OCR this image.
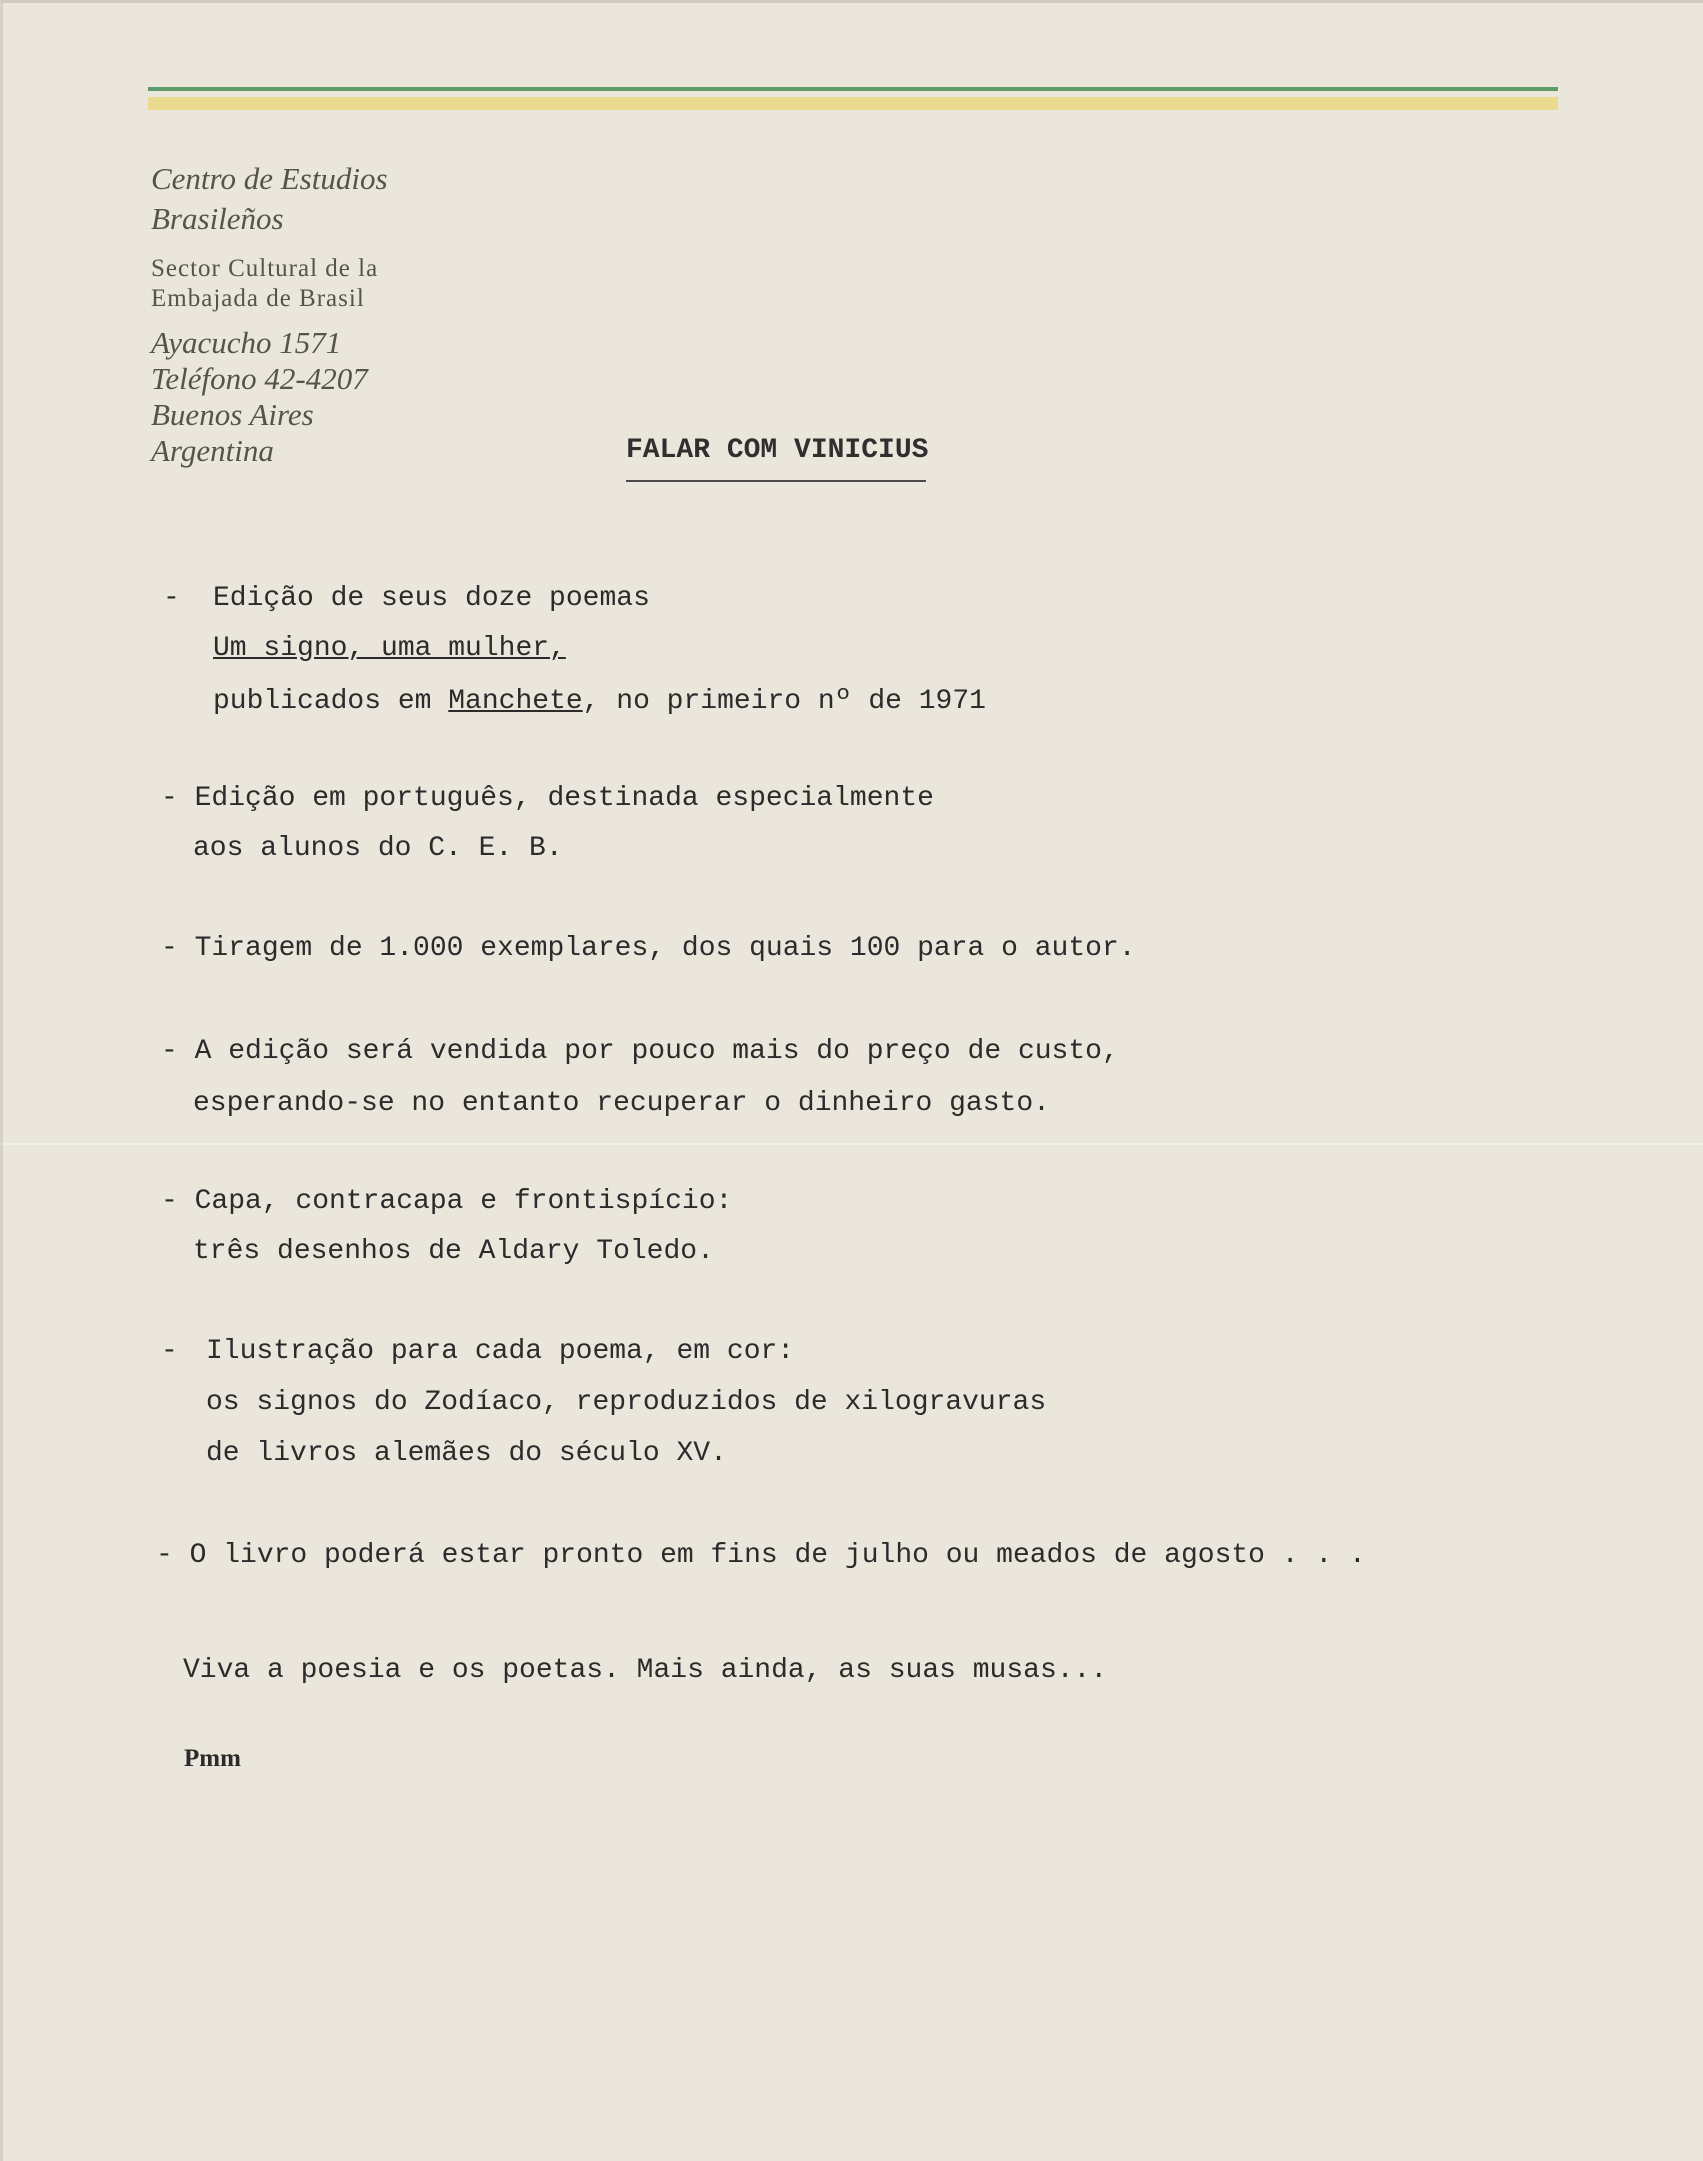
Centro de Estudios

Brasileños

Sector Cultural de la

Embajada de Brasil

Ayacucho 1571

Teléfono 42-4207

Buenos Aires

Argentina	FALAR COM VINICIUS

- Edição de seus doze poemas

Um signo, uma mulher,

publicados em Manchete, no primeiro nº de 1971

- Edição em português, destinada especialmente

aos alunos do C. E. B.

- Tiragem de 1.000 exemplares, dos quais 100 para o autor.

- A edição será vendida por pouco mais do preço de custo,

esperando-se no entanto recuperar o dinheiro gasto.

- Capa, contracapa e frontispício:

três desenhos de Aldary Toledo.

- Ilustração para cada poema, em cor:

os signos do Zodíaco, reproduzidos de xilogravuras

de livros alemães do século XV.

- O livro poderá estar pronto em fins de julho ou meados de agosto . . .

Viva a poesia e os poetas. Mais ainda, as suas musas...

Pmm
